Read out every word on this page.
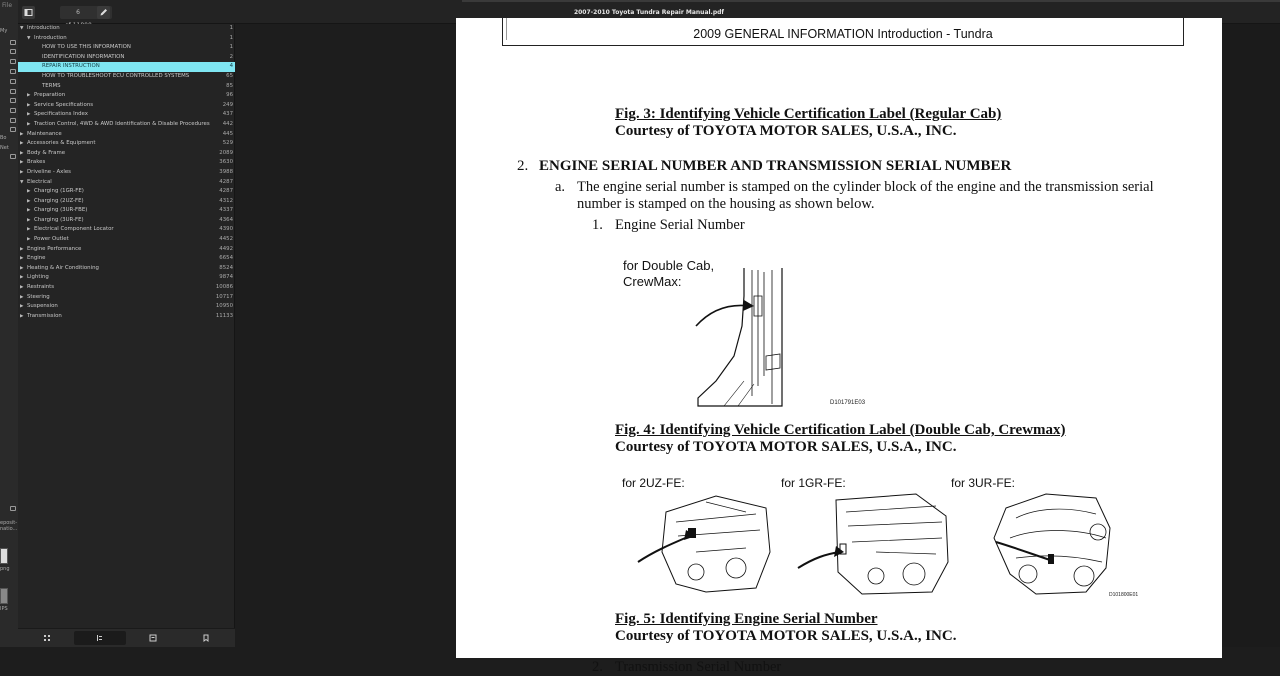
File
My
Bo
Net
eposit-natio...
png
IPS
2007-2010 Toyota Tundra Repair Manual.pdf
6
▼ Introduction	1
▼ Introduction	1
HOW TO USE THIS INFORMATION	1
IDENTIFICATION INFORMATION	2
REPAIR INSTRUCTION	4
HOW TO TROUBLESHOOT ECU CONTROLLED SYSTEMS	65
TERMS	85
▶ Preparation	96
▶ Service Specifications	249
▶ Specifications Index	437
▶ Traction Control, 4WD & AWD Identification & Disable Procedures 442
▶ Maintenance	445
▶ Accessories & Equipment	529
▶ Body & Frame	2089
▶ Brakes	3630
▶ Driveline - Axles	3988
▼ Electrical	4287
▶ Charging (1GR-FE)	4287
▶ Charging (2UZ-FE)	4312
▶ Charging (3UR-FBE)	4337
▶ Charging (3UR-FE)	4364
▶ Electrical Component Locator	4390
▶ Power Outlet	4452
▶ Engine Performance	4492
▶ Engine	6654
▶ Heating & Air Conditioning	8524
▶ Lighting	9874
▶ Restraints	10086
▶ Steering	10717
▶ Suspension	10950
▶ Transmission	11133
2009 GENERAL INFORMATION Introduction - Tundra
Fig. 3: Identifying Vehicle Certification Label (Regular Cab)
Courtesy of TOYOTA MOTOR SALES, U.S.A., INC.
2. ENGINE SERIAL NUMBER AND TRANSMISSION SERIAL NUMBER
a. The engine serial number is stamped on the cylinder block of the engine and the transmission serial number is stamped on the housing as shown below.
1. Engine Serial Number
for Double Cab, CrewMax:
D101791E03
Fig. 4: Identifying Vehicle Certification Label (Double Cab, Crewmax)
Courtesy of TOYOTA MOTOR SALES, U.S.A., INC.
for 2UZ-FE:	for 1GR-FE:	for 3UR-FE:
D101800E01
Fig. 5: Identifying Engine Serial Number
Courtesy of TOYOTA MOTOR SALES, U.S.A., INC.
2. Transmission Serial Number
